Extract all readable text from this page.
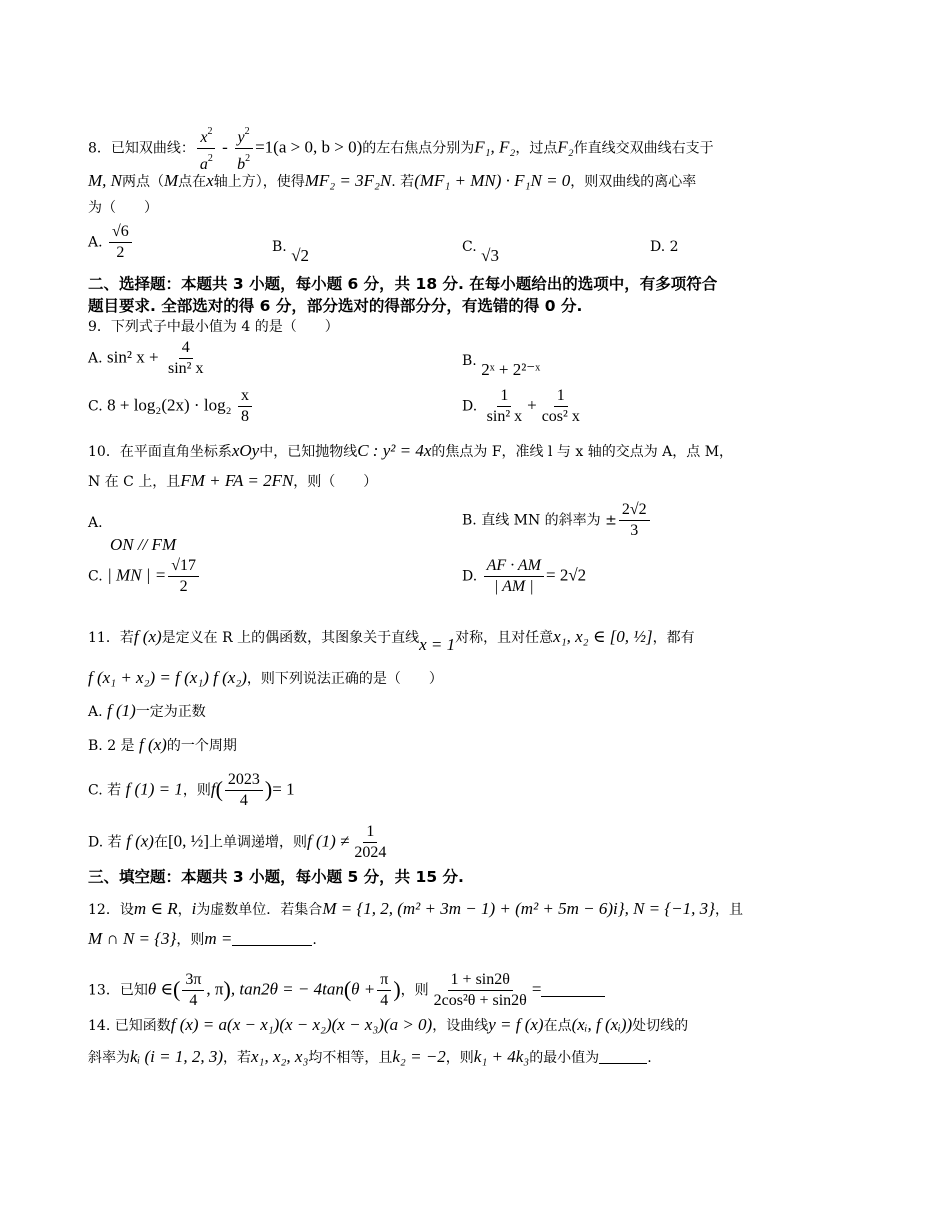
8．已知双曲线： $\frac{x^2}{a^2} - \frac{y^2}{b^2} =1(a > 0$, b > 0)的左右焦点分别为F₁, F₂，过点F₂作直线交双曲线右支于
M, N两点（M点在x轴上方），使得MF₂ = 3F₂N. 若(MF₁ + MN) · F₁N = 0，则双曲线的离心率
为（　　）
A. $\frac{√6}{2}$	B. √2	C. √3	D. 2
二、选择题：本题共 3 小题，每小题 6 分，共 18 分. 在每小题给出的选项中，有多项符合
题目要求. 全部选对的得 6 分，部分选对的得部分分，有选错的得 0 分.
9．下列式子中最小值为 4 的是（　　）
A. sin² $x + \frac{4}{\text{sin² x}}$	B. 2ˣ + 2²⁻ˣ
C. $8 + \log_2(2x) \cdot \log_2 \frac{x}{8}$	D. $\frac{1}{\text{sin² x}} + \frac{1}{\text{cos² x}}$
10．在平面直角坐标系xOy中，已知抛物线C : y² = 4x的焦点为 F，准线 l 与 x 轴的交点为 A，点 M，
N 在 C 上，且FM + FA = 2FN，则（　　）
A.
ON // FM
B. 直线 MN 的斜率为 ± $\frac{2√2}{3}$
C. | MN | = $\frac{√17}{2}$	D. $\frac{AF \cdot AM}{| AM |} = 2√2$
11．若f (x)是定义在 R 上的偶函数，其图象关于直线x = 1对称，且对任意x₁, x₂ ∈ [0, ½]，都有
f (x₁ + x₂) = f (x₁) f (x₂)，则下列说法正确的是（　　）
A. f (1)一定为正数
B. 2 是 f (x)的一个周期
C. 若 f (1) = 1，则$f( \frac{2023}{4}$ )= 1
D. 若 f (x)在[0, ½]上单调递增，则f $(1) \ne \frac{1}{2024}$
三、填空题：本题共 3 小题，每小题 5 分，共 15 分.
12．设m ∈ R，i为虚数单位．若集合M = {1, 2, (m² + 3m − 1) + (m² + 5m − 6)i}, N = {−1, 3}，且
M ∩ N = {3}，则m =	.
13．已知θ ∈( $\frac{3\pi}{4}$ , π), tan2θ = − $4\tan(\theta + \frac{\pi}{4}$ )，则 $\frac{1 + \sin 2\theta}{\text{2cos²θ + sin2θ}}$ =
14. 已知函数f (x) = a(x − x₁)(x − x₂)(x − x₃)(a > 0)，设曲线y = f (x)在点(xᵢ, f (xᵢ))处切线的
斜率为kᵢ (i = 1, 2, 3)，若x₁, x₂, x₃均不相等，且k₂ = −2，则k₁ + 4k₃的最小值为	.
